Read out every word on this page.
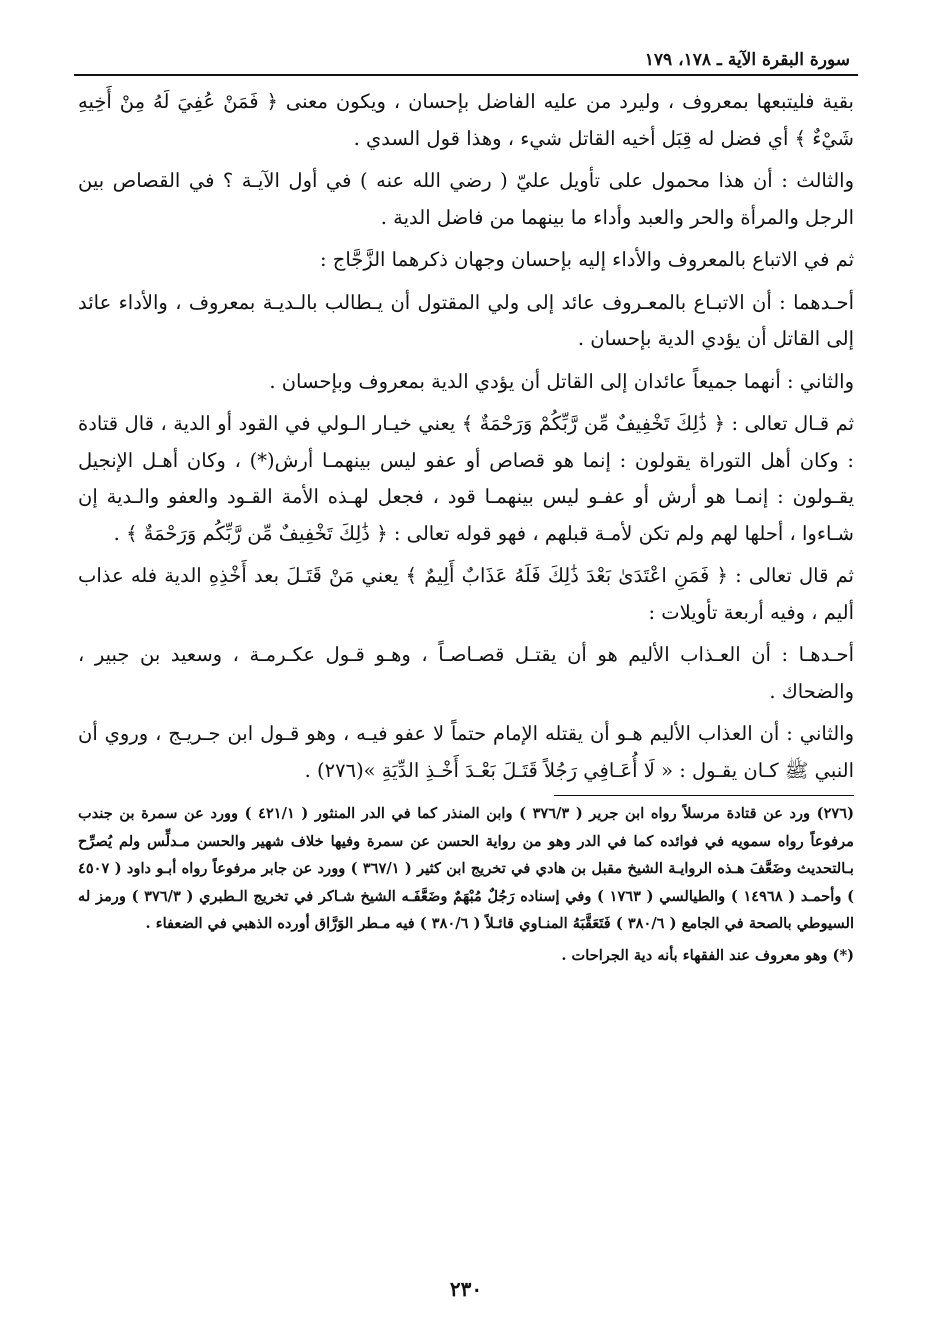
سورة البقرة الآية ـ ١٧٨، ١٧٩

بقية فليتبعها بمعروف ، وليرد من عليه الفاضل بإحسان ، ويكون معنى ﴿ فَمَنْ عُفِيَ لَهُ مِنْ أَخِيهِ شَيْءٌ ﴾ أي فضل له قِبَل أخيه القاتل شيء ، وهذا قول السدي .

والثالث : أن هذا محمول على تأويل عليّ ( رضي الله عنه ) في أول الآيـة ؟ في القصاص بين الرجل والمرأة والحر والعبد وأداء ما بينهما من فاضل الدية .

ثم في الاتباع بالمعروف والأداء إليه بإحسان وجهان ذكرهما الزَّجَّاج :

أحـدهما : أن الاتبـاع بالمعـروف عائد إلى ولي المقتول أن يـطالب بالـديـة بمعروف ، والأداء عائد إلى القاتل أن يؤدي الدية بإحسان .

والثاني : أنهما جميعاً عائدان إلى القاتل أن يؤدي الدية بمعروف وبإحسان .

ثم قـال تعالى : ﴿ ذَٰلِكَ تَخْفِيفٌ مِّن رَّبِّكُمْ وَرَحْمَةٌ ﴾ يعني خيـار الـولي في القود أو الدية ، قال قتادة : وكان أهل التوراة يقولون : إنما هو قصاص أو عفو ليس بينهمـا أرش(*) ، وكان أهـل الإنجيل يقـولون : إنمـا هو أرش أو عفـو ليس بينهمـا قود ، فجعل لهـذه الأمة القـود والعفو والـدية إن شـاءوا ، أحلها لهم ولم تكن لأمـة قبلهم ، فهو قوله تعالى : ﴿ ذَٰلِكَ تَخْفِيفٌ مِّن رَّبِّكُم وَرَحْمَةٌ ﴾ .

ثم قال تعالى : ﴿ فَمَنِ اعْتَدَىٰ بَعْدَ ذَٰلِكَ فَلَهُ عَذَابٌ أَلِيمٌ ﴾ يعني مَنْ قَتَـلَ بعد أَخْذِهِ الدية فله عذاب أليم ، وفيه أربعة تأويلات :

أحـدهـا : أن العـذاب الأليم هو أن يقتـل قصـاصـاً ، وهـو قـول عكـرمـة ، وسعيد بن جبير ، والضحاك .

والثاني : أن العذاب الأليم هـو أن يقتله الإمام حتماً لا عفو فيـه ، وهو قـول ابن جـريـج ، وروي أن النبي ﷺ كـان يقـول : « لَا أُعَـافِي رَجُلاً قَتَـلَ بَعْـدَ أَخْـذِ الدِّيَةِ »(٢٧٦) .

(٢٧٦) ورد عن قتادة مرسلاً رواه ابن جرير ( ٣٧٦/٣ ) وابن المنذر كما في الدر المنثور ( ٤٢١/١ ) وورد عن سمرة بن جندب مرفوعاً رواه سمويه في فوائده كما في الدر وهو من رواية الحسن عن سمرة وفيها خلاف شهير والحسن مـدلِّس ولم يُصرِّح بـالتحديث وضَعَّفَ هـذه الروايـة الشيخ مقبل بن هادي في تخريج ابن كثير ( ٣٦٧/١ ) وورد عن جابر مرفوعاً رواه أبـو داود ( ٤٥٠٧ ) وأحمـد ( ١٤٩٦٨ ) والطيالسي ( ١٧٦٣ ) وفي إسناده رَجُلٌ مُبْهَمٌ وضَعَّفَـه الشيخ شـاكر في تخريج الـطبري ( ٣٧٦/٣ ) ورمز له السيوطي بالصحة في الجامع ( ٣٨٠/٦ ) فَتَعَقَّبَهُ المنـاوي قائـلاً ( ٣٨٠/٦ ) فيه مـطر الوَرَّاق أورده الذهبي في الضعفاء .

(*) وهو معروف عند الفقهاء بأنه دية الجراحات .

٢٣٠
